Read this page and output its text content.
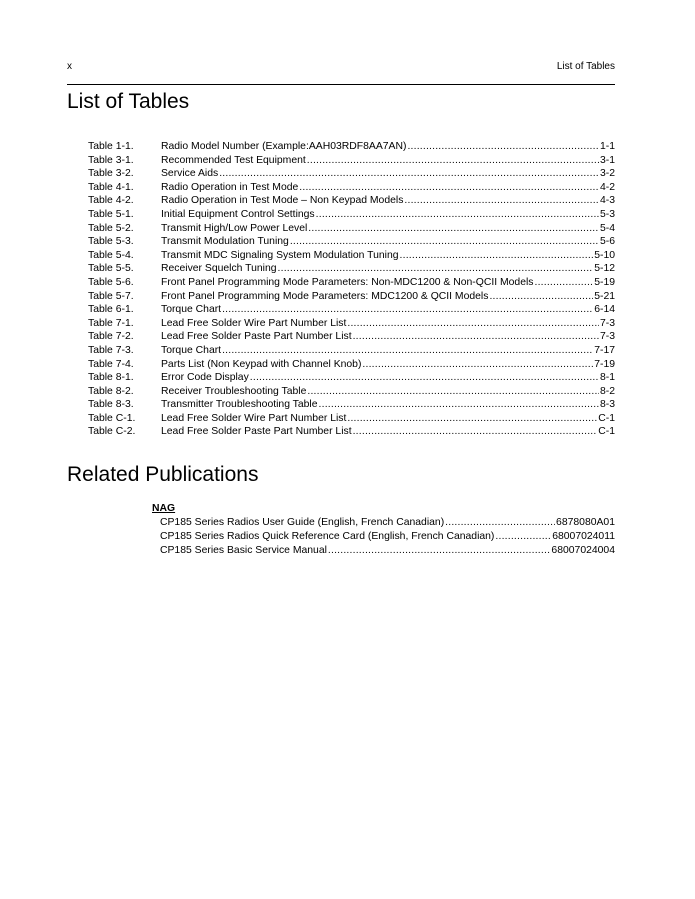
x	List of Tables
List of Tables
Table 1-1.	Radio Model Number (Example:AAH03RDF8AA7AN) .....	1-1
Table 3-1.	Recommended Test Equipment .....	3-1
Table 3-2.	Service Aids .....	3-2
Table 4-1.	Radio Operation in Test Mode .....	4-2
Table 4-2.	Radio Operation in Test Mode – Non Keypad Models .....	4-3
Table 5-1.	Initial Equipment Control Settings .....	5-3
Table 5-2.	Transmit High/Low Power Level .....	5-4
Table 5-3.	Transmit Modulation Tuning .....	5-6
Table 5-4.	Transmit MDC Signaling System Modulation Tuning .....	5-10
Table 5-5.	Receiver Squelch Tuning .....	5-12
Table 5-6.	Front Panel Programming Mode Parameters: Non-MDC1200 & Non-QCII Models .....	5-19
Table 5-7.	Front Panel Programming Mode Parameters: MDC1200 & QCII Models .....	5-21
Table 6-1.	Torque Chart .....	6-14
Table 7-1.	Lead Free Solder Wire Part Number List .....	7-3
Table 7-2.	Lead Free Solder Paste Part Number List .....	7-3
Table 7-3.	Torque Chart .....	7-17
Table 7-4.	Parts List (Non Keypad with Channel Knob) .....	7-19
Table 8-1.	Error Code Display .....	8-1
Table 8-2.	Receiver Troubleshooting Table .....	8-2
Table 8-3.	Transmitter Troubleshooting Table .....	8-3
Table C-1.	Lead Free Solder Wire Part Number List .....	C-1
Table C-2.	Lead Free Solder Paste Part Number List .....	C-1
Related Publications
NAG
CP185 Series Radios User Guide (English, French Canadian) .....	6878080A01
CP185 Series Radios Quick Reference Card (English, French Canadian) .....	68007024011
CP185 Series Basic Service Manual .....	68007024004
